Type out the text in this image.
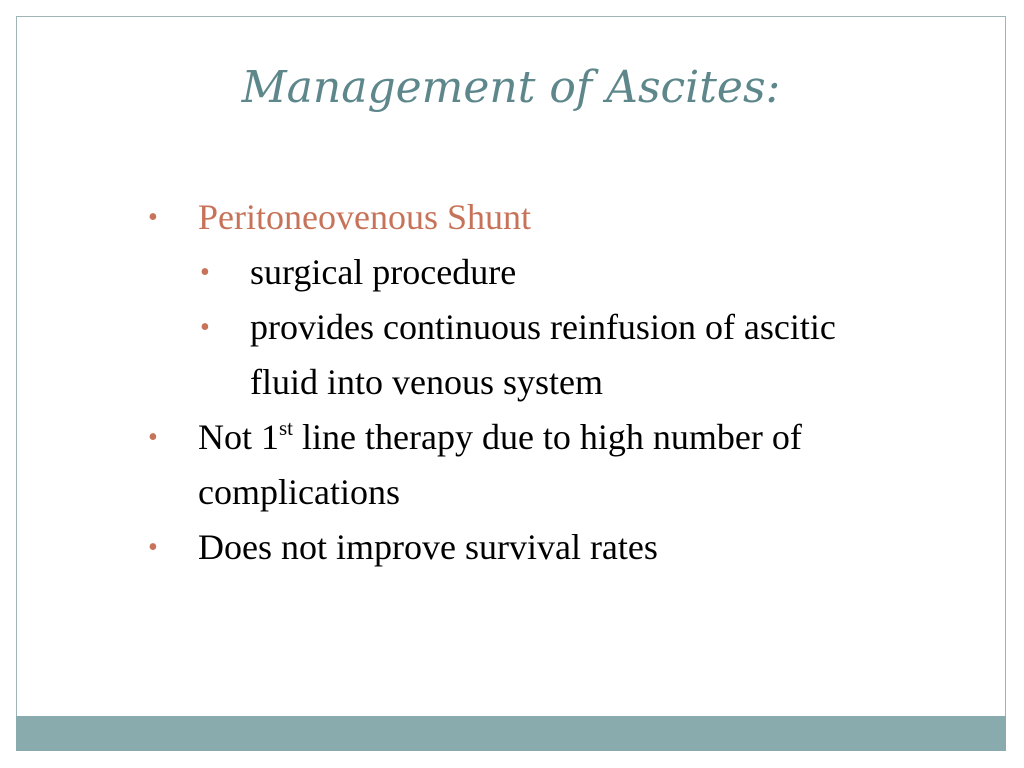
Management of Ascites:
• Peritoneovenous Shunt
• surgical procedure
• provides continuous reinfusion of ascitic fluid into venous system
• Not 1st line therapy due to high number of complications
• Does not improve survival rates
